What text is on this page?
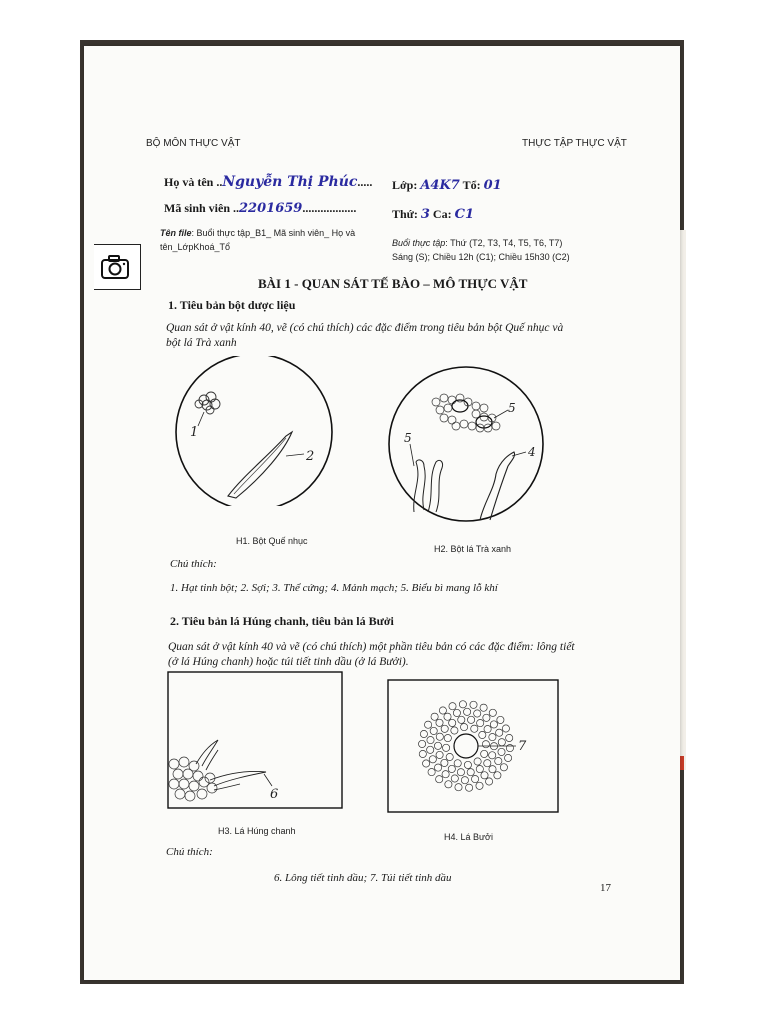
BỘ MÔN THỰC VẬT	THỰC TẬP THỰC VẬT
Họ và tên ..Nguyễn Thị Phúc.....
Mã sinh viên ..2201659..................
Lớp: A4K7 Tổ: 01
Thứ: 3 Ca: C1
Tên file: Buổi thực tập_B1_ Mã sinh viên_ Họ và
tên_LớpKhoá_Tổ	Buổi thực tập: Thứ (T2, T3, T4, T5, T6, T7)
Sáng (S); Chiều 12h (C1); Chiều 15h30 (C2)
BÀI 1 - QUAN SÁT TẾ BÀO – MÔ THỰC VẬT
1. Tiêu bản bột dược liệu
Quan sát ở vật kính 40, vẽ (có chú thích) các đặc điểm trong tiêu bản bột Quế nhục và
bột lá Trà xanh
1
2
H1. Bột Quế nhục
5
5
4
H2. Bột lá Trà xanh
Chú thích:
1. Hạt tinh bột; 2. Sợi; 3. Thể cứng; 4. Mảnh mạch; 5. Biểu bì mang lỗ khí
2. Tiêu bản lá Húng chanh, tiêu bản lá Bưởi
Quan sát ở vật kính 40 và vẽ (có chú thích) một phần tiêu bản có các đặc điểm: lông tiết
(ở lá Húng chanh) hoặc túi tiết tinh dầu (ở lá Bưởi).
6
H3. Lá Húng chanh
7
H4. Lá Bưởi
Chú thích:
6. Lông tiết tinh dầu; 7. Túi tiết tinh dầu
17
